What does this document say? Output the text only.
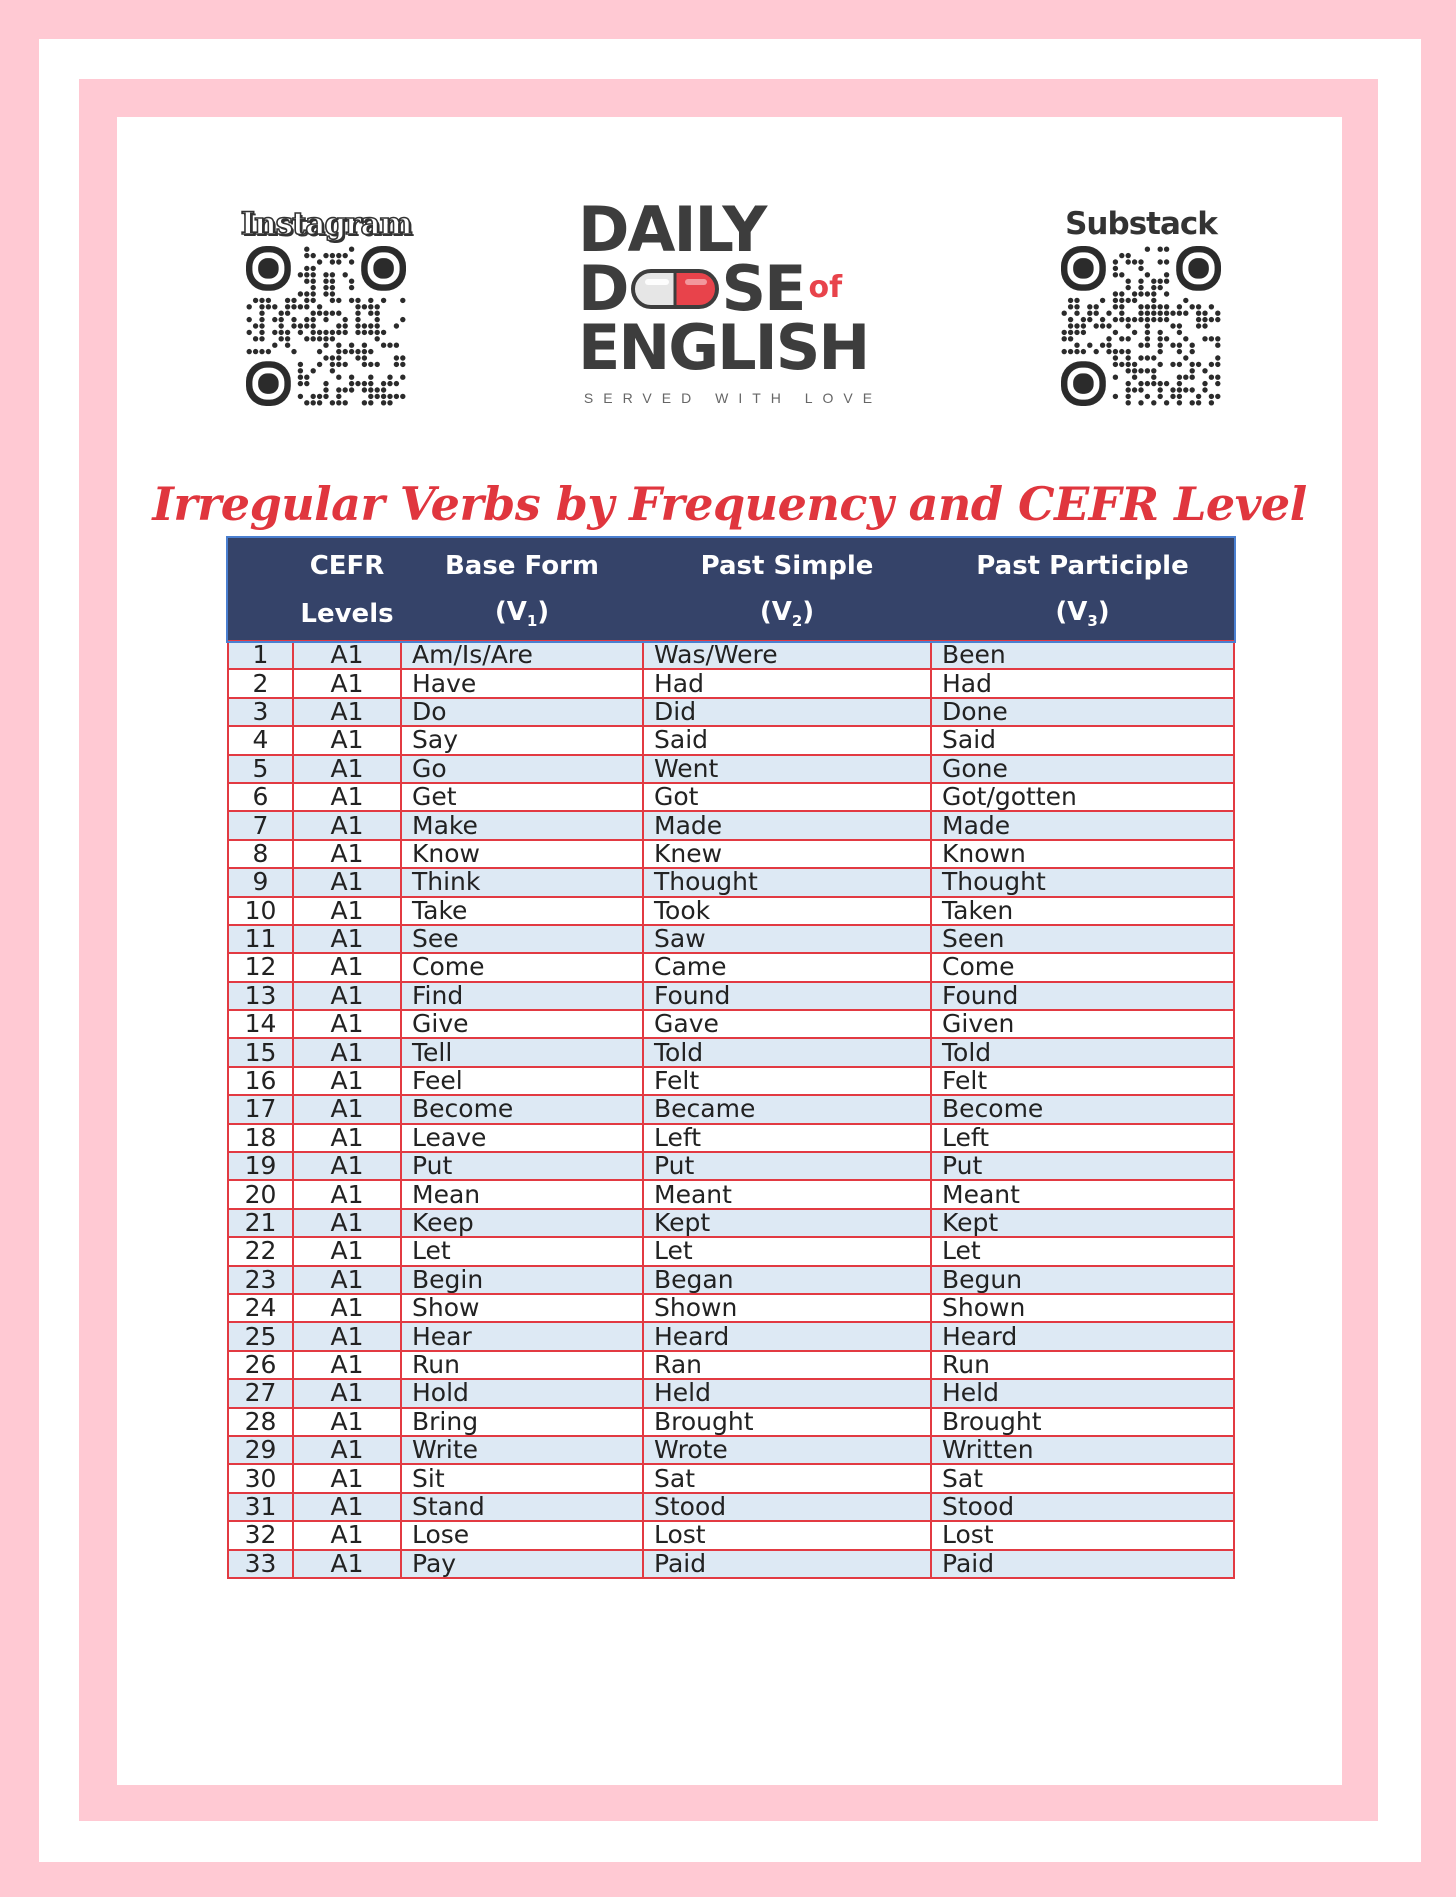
Instagram	DAILY
D SE of
ENGLISH
SERVED WITH LOVE
Substack
Irregular Verbs by Frequency and CEFR Level
	CEFR	Base Form	Past Simple	Past Participle
	Levels	$(V_1)$	$(V_2)$	$(V_3)$
1	A1	Am/Is/Are	Was/Were	Been
2	A1	Have	Had	Had
3	A1	Do	Did	Done
4	A1	Say	Said	Said
5	A1	Go	Went	Gone
6	A1	Get	Got	Got/gotten
7	A1	Make	Made	Made
8	A1	Know	Knew	Known
9	A1	Think	Thought	Thought
10	A1	Take	Took	Taken
11	A1	See	Saw	Seen
12	A1	Come	Came	Come
13	A1	Find	Found	Found
14	A1	Give	Gave	Given
15	A1	Tell	Told	Told
16	A1	Feel	Felt	Felt
17	A1	Become	Became	Become
18	A1	Leave	Left	Left
19	A1	Put	Put	Put
20	A1	Mean	Meant	Meant
21	A1	Keep	Kept	Kept
22	A1	Let	Let	Let
23	A1	Begin	Began	Begun
24	A1	Show	Shown	Shown
25	A1	Hear	Heard	Heard
26	A1	Run	Ran	Run
27	A1	Hold	Held	Held
28	A1	Bring	Brought	Brought
29	A1	Write	Wrote	Written
30	A1	Sit	Sat	Sat
31	A1	Stand	Stood	Stood
32	A1	Lose	Lost	Lost
33	A1	Pay	Paid	Paid
